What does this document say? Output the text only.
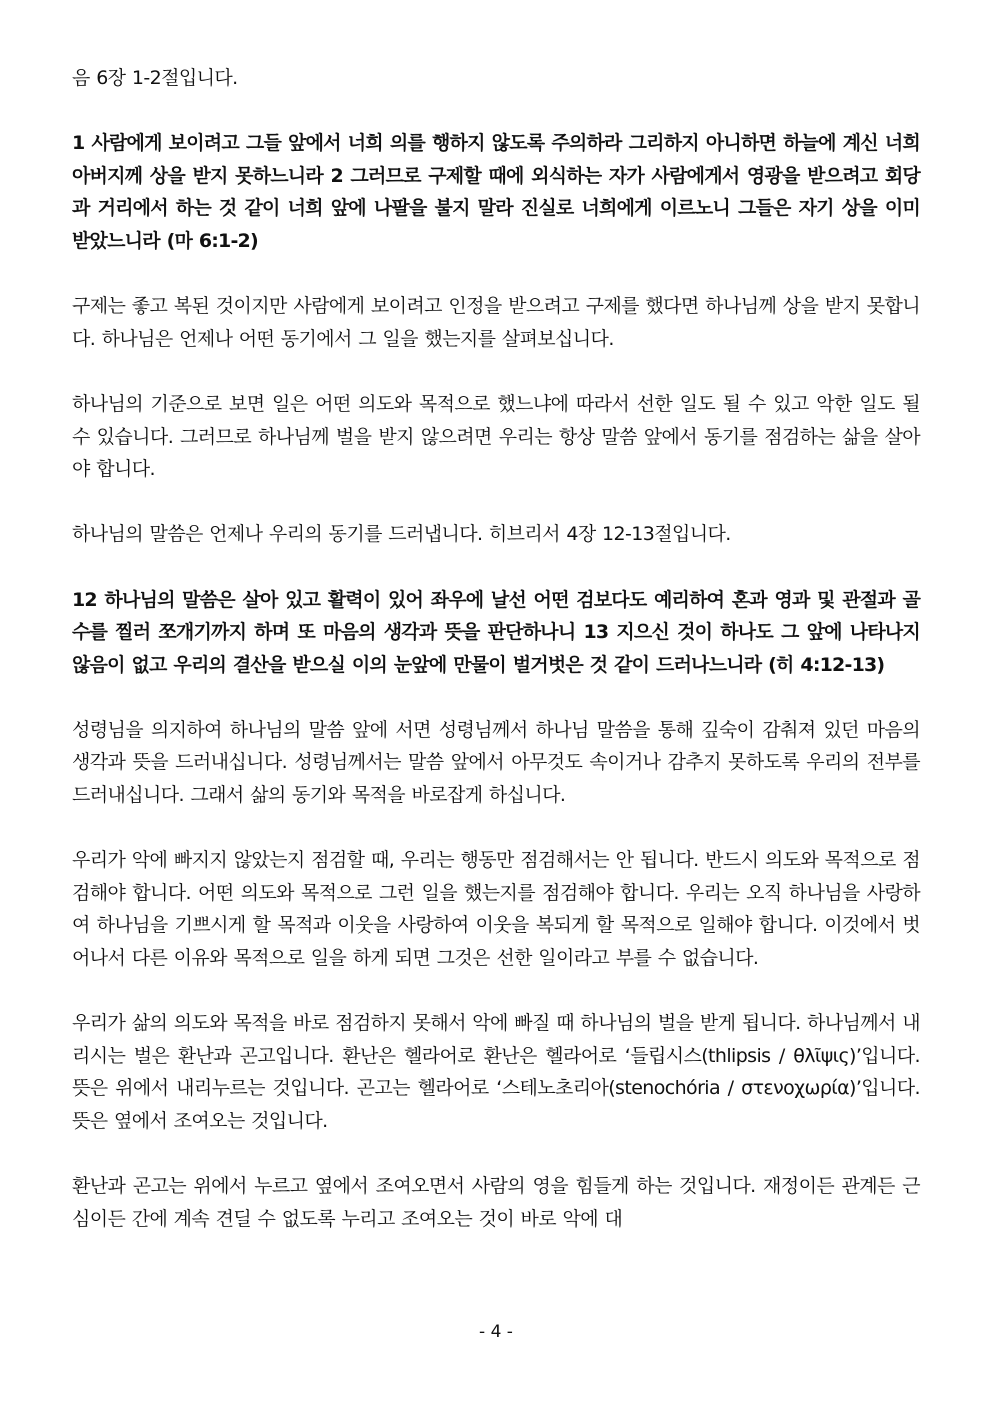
음 6장 1-2절입니다.

1 사람에게 보이려고 그들 앞에서 너희 의를 행하지 않도록 주의하라 그리하지 아니하면 하늘에 계신 너희 아버지께 상을 받지 못하느니라 2 그러므로 구제할 때에 외식하는 자가 사람에게서 영광을 받으려고 회당과 거리에서 하는 것 같이 너희 앞에 나팔을 불지 말라 진실로 너희에게 이르노니 그들은 자기 상을 이미 받았느니라 (마 6:1-2)

구제는 좋고 복된 것이지만 사람에게 보이려고 인정을 받으려고 구제를 했다면 하나님께 상을 받지 못합니다. 하나님은 언제나 어떤 동기에서 그 일을 했는지를 살펴보십니다.

하나님의 기준으로 보면 일은 어떤 의도와 목적으로 했느냐에 따라서 선한 일도 될 수 있고 악한 일도 될 수 있습니다. 그러므로 하나님께 벌을 받지 않으려면 우리는 항상 말씀 앞에서 동기를 점검하는 삶을 살아야 합니다.

하나님의 말씀은 언제나 우리의 동기를 드러냅니다. 히브리서 4장 12-13절입니다.

12 하나님의 말씀은 살아 있고 활력이 있어 좌우에 날선 어떤 검보다도 예리하여 혼과 영과 및 관절과 골수를 찔러 쪼개기까지 하며 또 마음의 생각과 뜻을 판단하나니 13 지으신 것이 하나도 그 앞에 나타나지 않음이 없고 우리의 결산을 받으실 이의 눈앞에 만물이 벌거벗은 것 같이 드러나느니라 (히 4:12-13)

성령님을 의지하여 하나님의 말씀 앞에 서면 성령님께서 하나님 말씀을 통해 깊숙이 감춰져 있던 마음의 생각과 뜻을 드러내십니다. 성령님께서는 말씀 앞에서 아무것도 속이거나 감추지 못하도록 우리의 전부를 드러내십니다. 그래서 삶의 동기와 목적을 바로잡게 하십니다.

우리가 악에 빠지지 않았는지 점검할 때, 우리는 행동만 점검해서는 안 됩니다. 반드시 의도와 목적으로 점검해야 합니다. 어떤 의도와 목적으로 그런 일을 했는지를 점검해야 합니다. 우리는 오직 하나님을 사랑하여 하나님을 기쁘시게 할 목적과 이웃을 사랑하여 이웃을 복되게 할 목적으로 일해야 합니다. 이것에서 벗어나서 다른 이유와 목적으로 일을 하게 되면 그것은 선한 일이라고 부를 수 없습니다.

우리가 삶의 의도와 목적을 바로 점검하지 못해서 악에 빠질 때 하나님의 벌을 받게 됩니다. 하나님께서 내리시는 벌은 환난과 곤고입니다. 환난은 헬라어로 환난은 헬라어로 ‘들립시스(thlipsis / θλῖψις)’입니다. 뜻은 위에서 내리누르는 것입니다. 곤고는 헬라어로 ‘스테노초리아(stenochória / στενοχωρία)’입니다. 뜻은 옆에서 조여오는 것입니다.

환난과 곤고는 위에서 누르고 옆에서 조여오면서 사람의 영을 힘들게 하는 것입니다. 재정이든 관계든 근심이든 간에 계속 견딜 수 없도록 누리고 조여오는 것이 바로 악에 대

- 4 -
